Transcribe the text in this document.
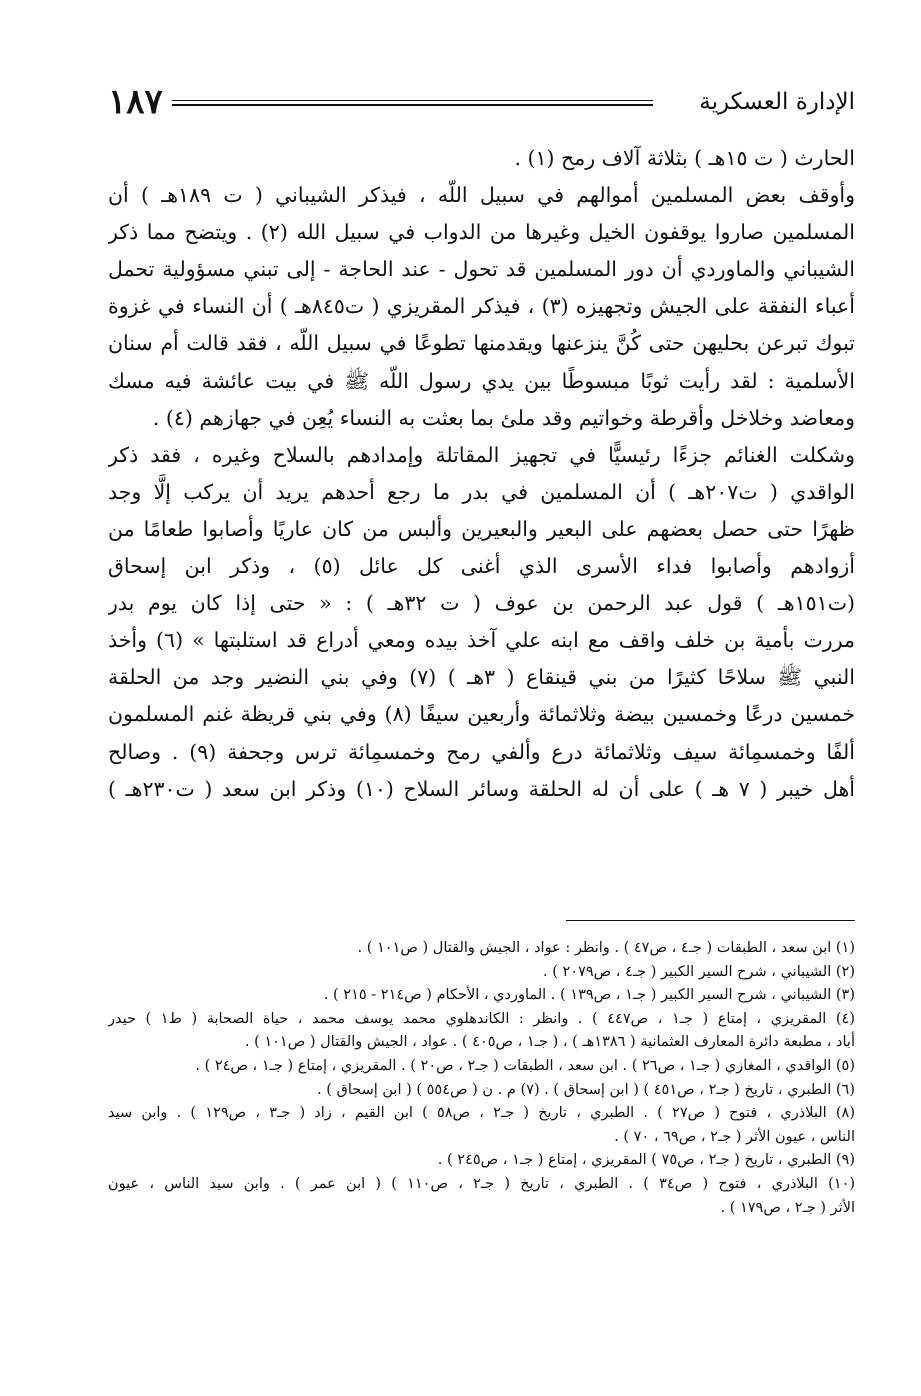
١٨٧	الإدارة العسكرية
الحارث ( ت ١٥هـ ) بثلاثة آلاف رمح (١) .
وأوقف بعض المسلمين أموالهم في سبيل اللّه ، فيذكر الشيباني ( ت ١٨٩هـ ) أن
المسلمين صاروا يوقفون الخيل وغيرها من الدواب في سبيل الله (٢) . ويتضح مما ذكر
الشيباني والماوردي أن دور المسلمين قد تحول - عند الحاجة - إلى تبني مسؤولية تحمل
أعباء النفقة على الجيش وتجهيزه (٣) ، فيذكر المقريزي ( ت٨٤٥هـ ) أن النساء في غزوة
تبوك تبرعن بحليهن حتى كُنَّ ينزعنها ويقدمنها تطوعًا في سبيل اللّه ، فقد قالت أم سنان
الأسلمية : لقد رأيت ثوبًا مبسوطًا بين يدي رسول اللّه ﷺ في بيت عائشة فيه مسك
ومعاضد وخلاخل وأقرطة وخواتيم وقد ملئ بما بعثت به النساء يُعِن في جهازهم (٤) .
وشكلت الغنائم جزءًا رئيسيًّا في تجهيز المقاتلة وإمدادهم بالسلاح وغيره ، فقد ذكر
الواقدي ( ت٢٠٧هـ ) أن المسلمين في بدر ما رجع أحدهم يريد أن يركب إلَّا وجد
ظهرًا حتى حصل بعضهم على البعير والبعيرين وألبس من كان عاريًا وأصابوا طعامًا من
أزوادهم وأصابوا فداء الأسرى الذي أغنى كل عائل (٥) ، وذكر ابن إسحاق
(ت١٥١هـ ) قول عبد الرحمن بن عوف ( ت ٣٢هـ ) : « حتى إذا كان يوم بدر
مررت بأمية بن خلف واقف مع ابنه علي آخذ بيده ومعي أدراع قد استلبتها » (٦) وأخذ
النبي ﷺ سلاحًا كثيرًا من بني قينقاع ( ٣هـ ) (٧) وفي بني النضير وجد من الحلقة
خمسين درعًا وخمسين بيضة وثلاثمائة وأربعين سيفًا (٨) وفي بني قريظة غنم المسلمون
ألفًا وخمسمِائة سيف وثلاثمائة درع وألفي رمح وخمسمِائة ترس وجحفة (٩) . وصالح
أهل خيبر ( ٧ هـ ) على أن له الحلقة وسائر السلاح (١٠) وذكر ابن سعد ( ت٢٣٠هـ )
(١) ابن سعد ، الطبقات ( جـ٤ ، ص٤٧ ) . وانظر : عواد ، الجيش والقتال ( ص١٠١ ) .
(٢) الشيباني ، شرح السير الكبير ( جـ٤ ، ص٢٠٧٩ ) .
(٣) الشيباني ، شرح السير الكبير ( جـ١ ، ص١٣٩ ) . الماوردي ، الأحكام ( ص٢١٤ - ٢١٥ ) .
(٤) المقريزي ، إمتاع ( جـ١ ، ص٤٤٧ ) . وانظر : الكاندهلوي محمد يوسف محمد ، حياة الصحابة ( ط١ ) حيدر
أباد ، مطبعة دائرة المعارف العثمانية ( ١٣٨٦هـ ) ، ( جـ١ ، ص٤٠٥ ) . عواد ، الجيش والقتال ( ص١٠١ ) .
(٥) الواقدي ، المغازي ( جـ١ ، ص٢٦ ) . ابن سعد ، الطبقات ( جـ٢ ، ص٢٠ ) . المقريزي ، إمتاع ( جـ١ ، ص٢٤ ) .
(٦) الطبري ، تاريخ ( جـ٢ ، ص٤٥١ ) ( ابن إسحاق ) . (٧) م . ن ( ص٥٥٤ ) ( ابن إسحاق ) .
(٨) البلاذري ، فتوح ( ص٢٧ ) . الطبري ، تاريخ ( جـ٢ ، ص٥٨ ) ابن القيم ، زاد ( جـ٣ ، ص١٢٩ ) . وابن سيد
الناس ، عيون الأثر ( جـ٢ ، ص٦٩ ، ٧٠ ) .
(٩) الطبري ، تاريخ ( جـ٢ ، ص٧٥ ) المقريزي ، إمتاع ( جـ١ ، ص٢٤٥ ) .
(١٠) البلاذري ، فتوح ( ص٣٤ ) . الطبري ، تاريخ ( جـ٢ ، ص١١٠ ) ( ابن عمر ) . وابن سيد الناس ، عيون
الأثر ( جـ٢ ، ص١٧٩ ) .
